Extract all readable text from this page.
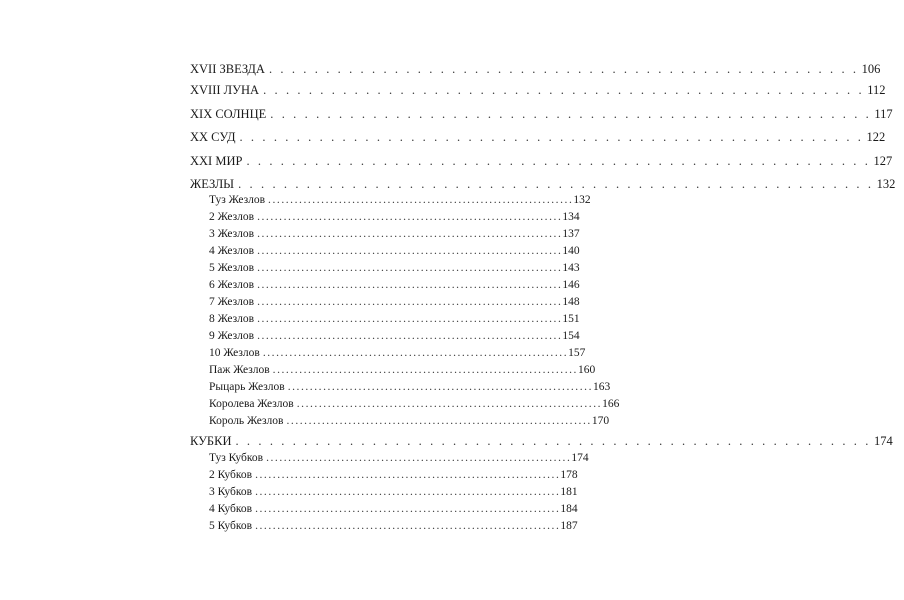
XVII ЗВЕЗДА . . . . . . . . . . . . . . . . . . . . . . . . . . . . . . . . . . . . . . . . . . . . . . . . . . . . 106
XVIII ЛУНА . . . . . . . . . . . . . . . . . . . . . . . . . . . . . . . . . . . . . . . . . . . . . . . . . . . . . 112
XIX СОЛНЦЕ . . . . . . . . . . . . . . . . . . . . . . . . . . . . . . . . . . . . . . . . . . . . . . . . . . . . . 117
XX СУД . . . . . . . . . . . . . . . . . . . . . . . . . . . . . . . . . . . . . . . . . . . . . . . . . . . . . . . 122
XXI МИР . . . . . . . . . . . . . . . . . . . . . . . . . . . . . . . . . . . . . . . . . . . . . . . . . . . . . . . 127
ЖЕЗЛЫ . . . . . . . . . . . . . . . . . . . . . . . . . . . . . . . . . . . . . . . . . . . . . . . . . . . . . . . . 132
Туз Жезлов ..................................................................... 132
2 Жезлов ..................................................................... 134
3 Жезлов ..................................................................... 137
4 Жезлов ..................................................................... 140
5 Жезлов ..................................................................... 143
6 Жезлов ..................................................................... 146
7 Жезлов ..................................................................... 148
8 Жезлов ..................................................................... 151
9 Жезлов ..................................................................... 154
10 Жезлов ..................................................................... 157
Паж Жезлов ..................................................................... 160
Рыцарь Жезлов ..................................................................... 163
Королева Жезлов ..................................................................... 166
Король Жезлов ..................................................................... 170
КУБКИ . . . . . . . . . . . . . . . . . . . . . . . . . . . . . . . . . . . . . . . . . . . . . . . . . . . . . . . . 174
Туз Кубков ..................................................................... 174
2 Кубков ..................................................................... 178
3 Кубков ..................................................................... 181
4 Кубков ..................................................................... 184
5 Кубков ..................................................................... 187
